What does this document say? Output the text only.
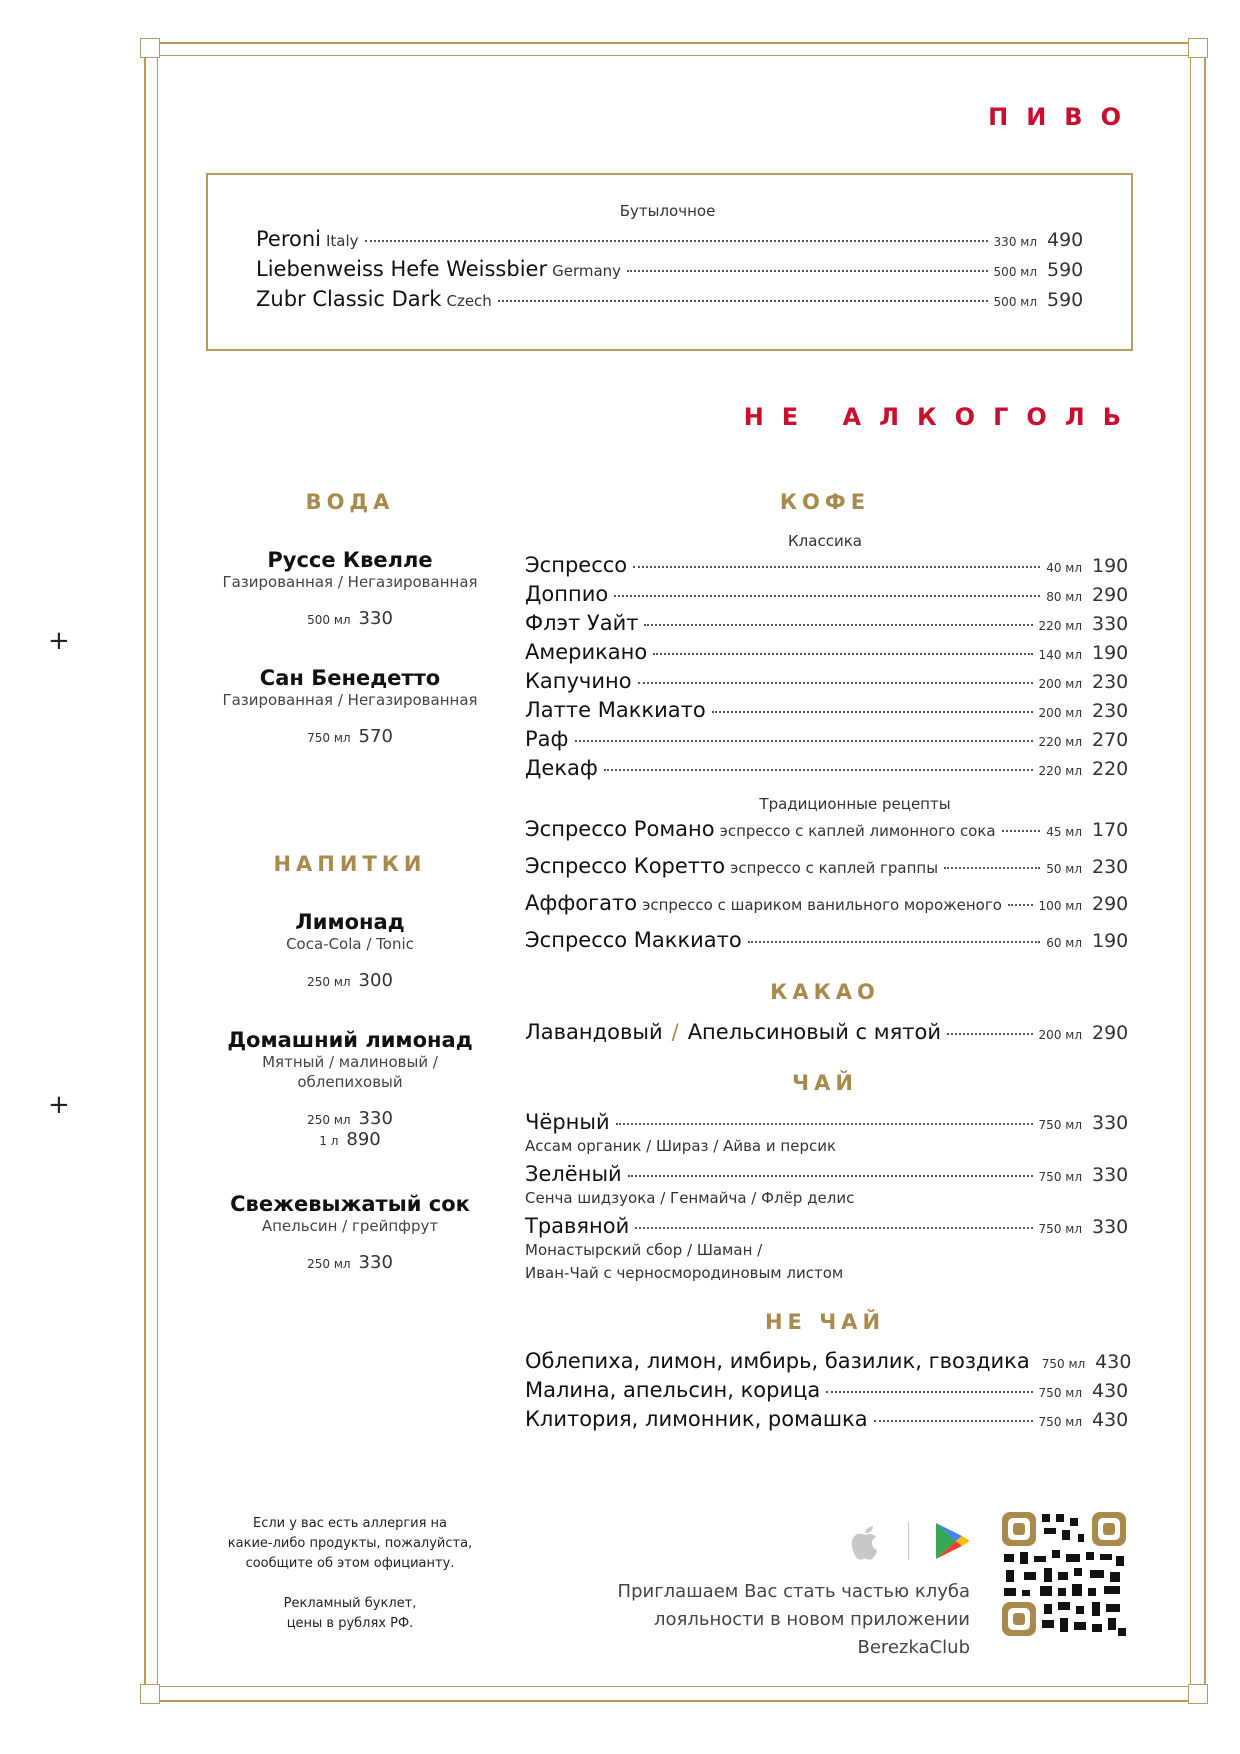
+
+
ПИВО
Бутылочное
Peroni Italy	330 мл 490
Liebenweiss Hefe Weissbier Germany	500 мл 590
Zubr Classic Dark Czech	500 мл 590
НЕ АЛКОГОЛЬ
ВОДА
Руссе Квелле
Газированная / Негазированная
500 мл 330
Сан Бенедетто
Газированная / Негазированная
750 мл 570
НАПИТКИ
Лимонад
Coca-Cola / Tonic
250 мл 300
Домашний лимонад
Мятный / малиновый / облепиховый
250 мл 330
1 л 890
Свежевыжатый сок
Апельсин / грейпфрут
250 мл 330
КОФЕ
Классика
Эспрессо	40 мл 190
Доппио	80 мл 290
Флэт Уайт	220 мл 330
Американо	140 мл 190
Капучино	200 мл 230
Латте Маккиато	200 мл 230
Раф	220 мл 270
Декаф	220 мл 220
Традиционные рецепты
Эспрессо Романо эспрессо с каплей лимонного сока	45 мл 170
Эспрессо Коретто эспрессо с каплей граппы	50 мл 230
Аффогато эспрессо с шариком ванильного мороженого	100 мл 290
Эспрессо Маккиато	60 мл 190
КАКАО
Лавандовый / Апельсиновый с мятой	200 мл 290
ЧАЙ
Чёрный	750 мл 330
Ассам органик / Шираз / Айва и персик
Зелёный	750 мл 330
Сенча шидзуока / Генмайча / Флёр делис
Травяной	750 мл 330
Монастырский сбор / Шаман /
Иван-Чай с черносмородиновым листом
НЕ ЧАЙ
Облепиха, лимон, имбирь, базилик, гвоздика 750 мл 430
Малина, апельсин, корица	750 мл 430
Клитория, лимонник, ромашка	750 мл 430
Если у вас есть аллергия на
какие-либо продукты, пожалуйста,
сообщите об этом официанту.
Рекламный буклет,
цены в рублях РФ.
Приглашаем Вас стать частью клуба
лояльности в новом приложении BerezkaClub
